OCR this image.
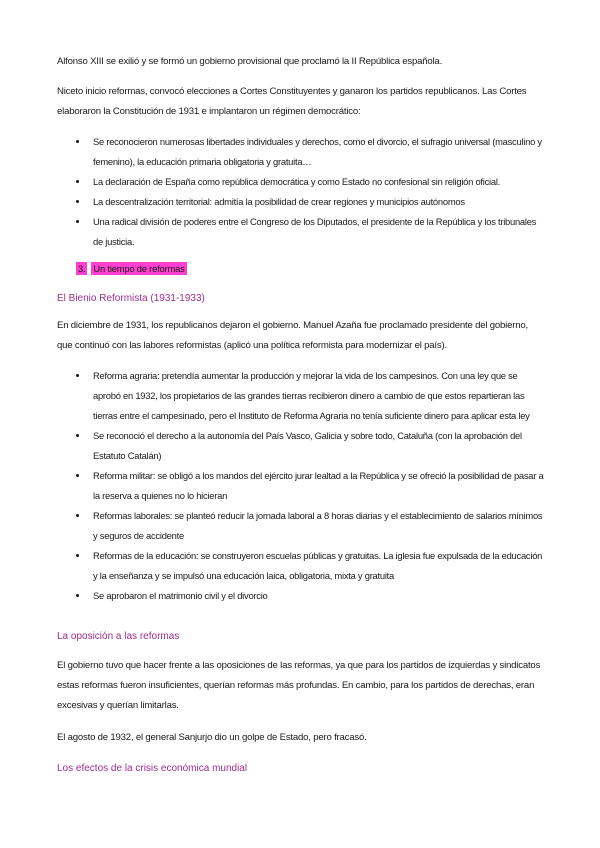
Alfonso XIII se exilió y se formó un gobierno provisional que proclamó la II República española.

Niceto inicio reformas, convocó elecciones a Cortes Constituyentes y ganaron los partidos republicanos. Las Cortes elaboraron la Constitución de 1931 e implantaron un régimen democrático:

Se reconocieron numerosas libertades individuales y derechos, como el divorcio, el sufragio universal (masculino y femenino), la educación primaria obligatoria y gratuita…
La declaración de España como república democrática y como Estado no confesional sin religión oficial.
La descentralización territorial: admitía la posibilidad de crear regiones y municipios autónomos
Una radical división de poderes entre el Congreso de los Diputados, el presidente de la República y los tribunales de justicia.
3. Un tiempo de reformas

El Bienio Reformista (1931-1933)

En diciembre de 1931, los republicanos dejaron el gobierno. Manuel Azaña fue proclamado presidente del gobierno, que continuó con las labores reformistas (aplicó una política reformista para modernizar el país).

Reforma agraria: pretendía aumentar la producción y mejorar la vida de los campesinos. Con una ley que se aprobó en 1932, los propietarios de las grandes tierras recibieron dinero a cambio de que estos repartieran las tierras entre el campesinado, pero el Instituto de Reforma Agraria no tenía suficiente dinero para aplicar esta ley
Se reconoció el derecho a la autonomía del País Vasco, Galicia y sobre todo, Cataluña (con la aprobación del Estatuto Catalán)
Reforma militar: se obligó a los mandos del ejército jurar lealtad a la República y se ofreció la posibilidad de pasar a la reserva a quienes no lo hicieran
Reformas laborales: se planteó reducir la jornada laboral a 8 horas diarias y el establecimiento de salarios mínimos y seguros de accidente
Reformas de la educación: se construyeron escuelas públicas y gratuitas. La iglesia fue expulsada de la educación y la enseñanza y se impulsó una educación laica, obligatoria, mixta y gratuita
Se aprobaron el matrimonio civil y el divorcio

La oposición a las reformas

El gobierno tuvo que hacer frente a las oposiciones de las reformas, ya que para los partidos de izquierdas y sindicatos estas reformas fueron insuficientes, querían reformas más profundas. En cambio, para los partidos de derechas, eran excesivas y querían limitarlas.

El agosto de 1932, el general Sanjurjo dio un golpe de Estado, pero fracasó.

Los efectos de la crisis económica mundial
